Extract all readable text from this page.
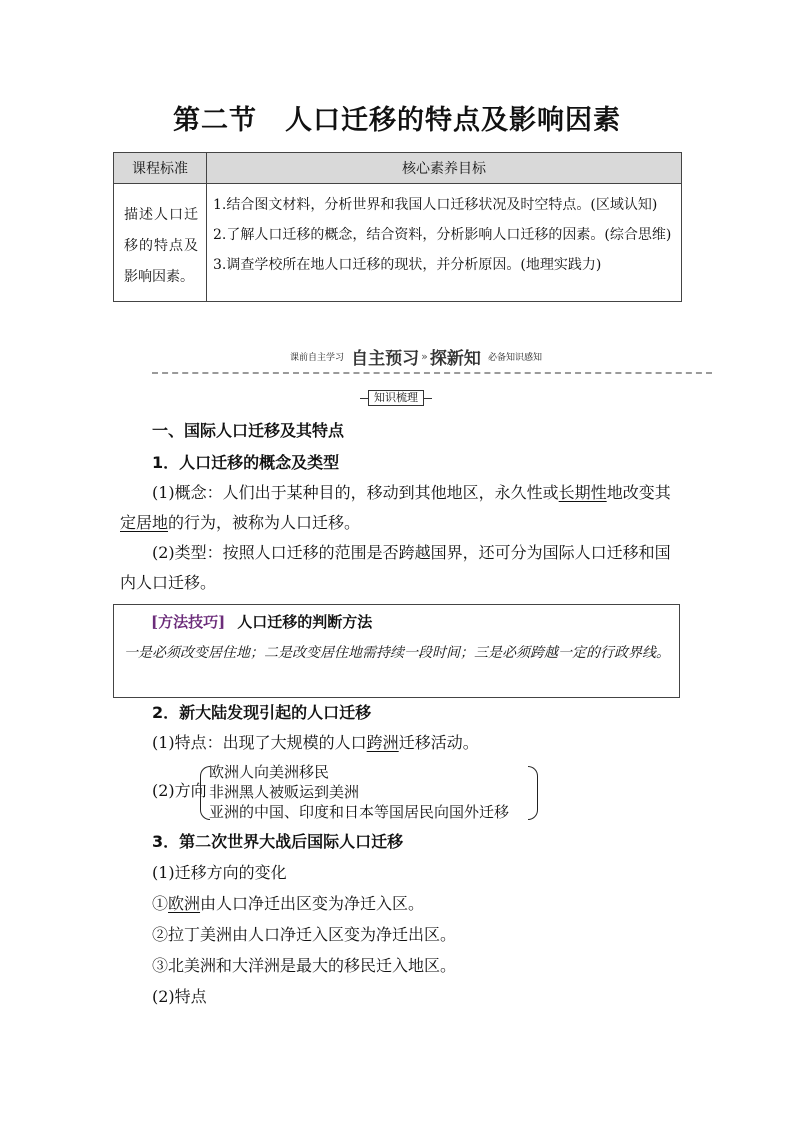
第二节　人口迁移的特点及影响因素
课程标准	核心素养目标
描述人口迁移的特点及影响因素。	1.结合图文材料，分析世界和我国人口迁移状况及时空特点。(区域认知)
2.了解人口迁移的概念，结合资料，分析影响人口迁移的因素。(综合思维)
3.调查学校所在地人口迁移的现状，并分析原因。(地理实践力)
课前自主学习 自主预习 » 探新知 必备知识感知
知识梳理
一、国际人口迁移及其特点
1．人口迁移的概念及类型
(1)概念：人们出于某种目的，移动到其他地区，永久性或长期性地改变其
定居地的行为，被称为人口迁移。
(2)类型：按照人口迁移的范围是否跨越国界，还可分为国际人口迁移和国
内人口迁移。
[方法技巧] 人口迁移的判断方法
一是必须改变居住地；二是改变居住地需持续一段时间；三是必须跨越一定的行政界线。
2．新大陆发现引起的人口迁移
(1)特点：出现了大规模的人口跨洲迁移活动。
(2)方向
欧洲人向美洲移民
非洲黑人被贩运到美洲
亚洲的中国、印度和日本等国居民向国外迁移
3．第二次世界大战后国际人口迁移
(1)迁移方向的变化
①欧洲由人口净迁出区变为净迁入区。
②拉丁美洲由人口净迁入区变为净迁出区。
③北美洲和大洋洲是最大的移民迁入地区。
(2)特点
